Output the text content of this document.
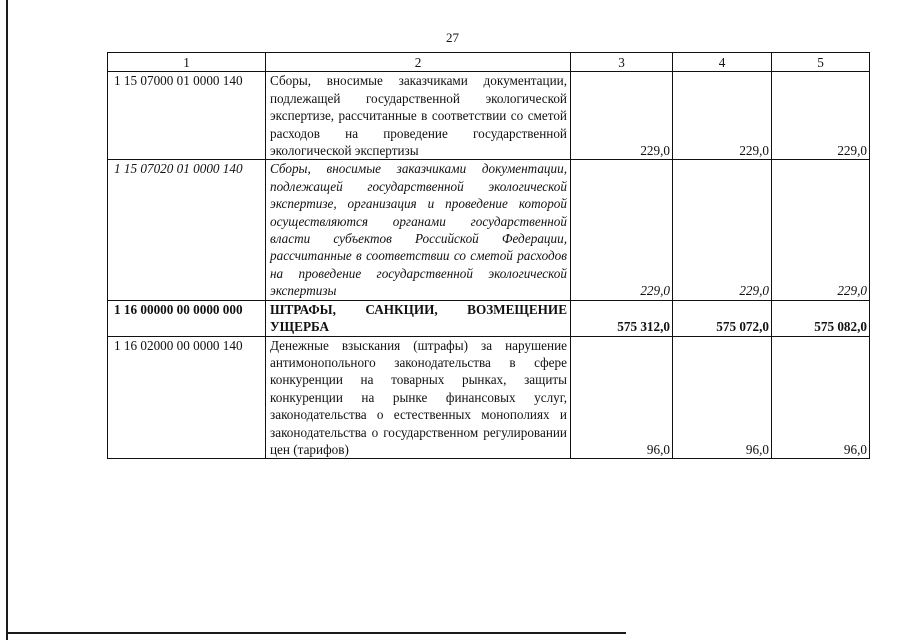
27
1	2	3	4	5
1 15 07000 01 0000 140	Сборы, вносимые заказчиками документации, подлежащей государственной экологической экспертизе, рассчитанные в соответствии со сметой расходов на проведение государственной экологической экспертизы	229,0	229,0	229,0
1 15 07020 01 0000 140	Сборы, вносимые заказчиками документации, подлежащей государственной экологической экспертизе, организация и проведение которой осуществляются органами государственной власти субъектов Российской Федерации, рассчитанные в соответствии со сметой расходов на проведение государственной экологической экспертизы	229,0	229,0	229,0
1 16 00000 00 0000 000	ШТРАФЫ, САНКЦИИ, ВОЗМЕЩЕНИЕ УЩЕРБА	575 312,0	575 072,0	575 082,0
1 16 02000 00 0000 140	Денежные взыскания (штрафы) за нарушение антимонопольного законодательства в сфере конкуренции на товарных рынках, защиты конкуренции на рынке финансовых услуг, законодательства о естественных монополиях и законодательства о государственном регулировании цен (тарифов)	96,0	96,0	96,0
